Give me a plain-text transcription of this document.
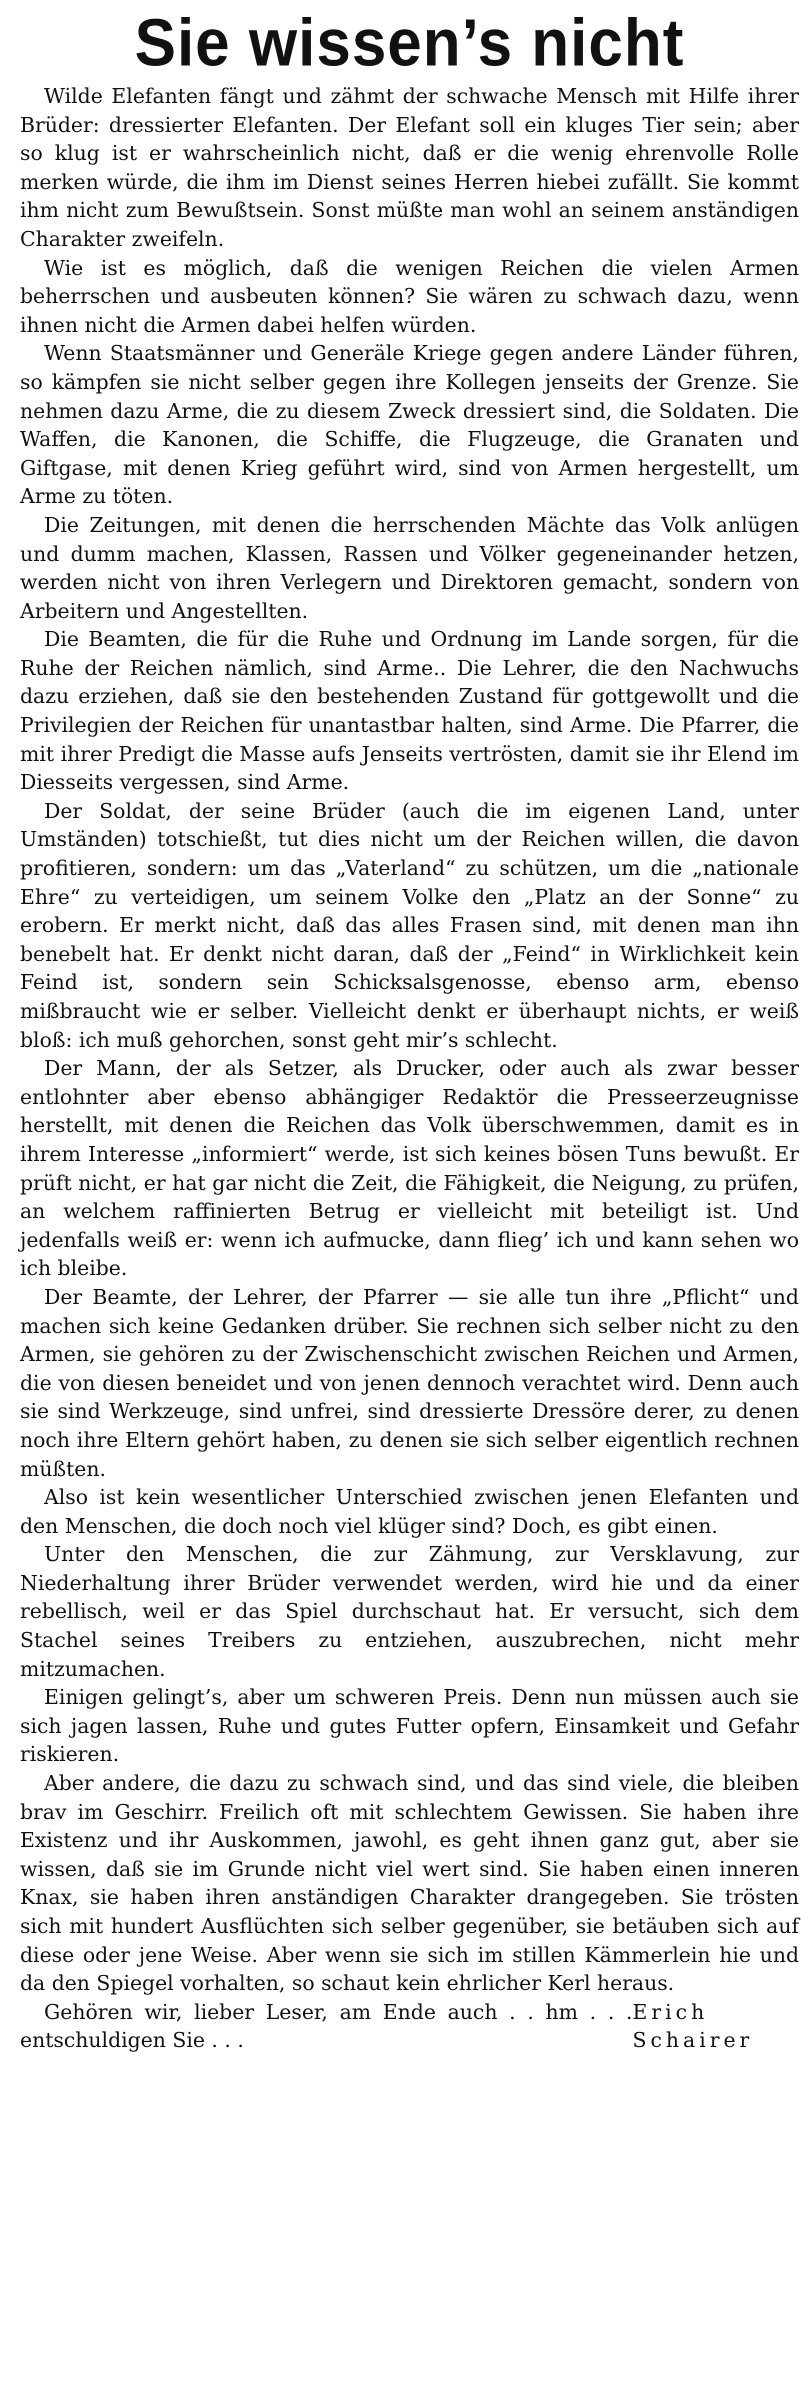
Sie wissen’s nicht

Wilde Elefanten fängt und zähmt der schwache Mensch mit Hilfe ihrer Brüder: dressierter Elefanten. Der Elefant soll ein kluges Tier sein; aber so klug ist er wahrscheinlich nicht, daß er die wenig ehrenvolle Rolle merken würde, die ihm im Dienst seines Herren hiebei zufällt. Sie kommt ihm nicht zum Bewußtsein. Sonst müßte man wohl an seinem anständigen Charakter zweifeln.

Wie ist es möglich, daß die wenigen Reichen die vielen Armen beherrschen und ausbeuten können? Sie wären zu schwach dazu, wenn ihnen nicht die Armen dabei helfen würden.

Wenn Staatsmänner und Generäle Kriege gegen andere Länder führen, so kämpfen sie nicht selber gegen ihre Kollegen jenseits der Grenze. Sie nehmen dazu Arme, die zu diesem Zweck dressiert sind, die Soldaten. Die Waffen, die Kanonen, die Schiffe, die Flugzeuge, die Granaten und Giftgase, mit denen Krieg geführt wird, sind von Armen hergestellt, um Arme zu töten.

Die Zeitungen, mit denen die herrschenden Mächte das Volk anlügen und dumm machen, Klassen, Rassen und Völker gegeneinander hetzen, werden nicht von ihren Verlegern und Direktoren gemacht, sondern von Arbeitern und Angestellten.

Die Beamten, die für die Ruhe und Ordnung im Lande sorgen, für die Ruhe der Reichen nämlich, sind Arme.. Die Lehrer, die den Nachwuchs dazu erziehen, daß sie den bestehenden Zustand für gottgewollt und die Privilegien der Reichen für unantastbar halten, sind Arme. Die Pfarrer, die mit ihrer Predigt die Masse aufs Jenseits vertrösten, damit sie ihr Elend im Diesseits vergessen, sind Arme.

Der Soldat, der seine Brüder (auch die im eigenen Land, unter Umständen) totschießt, tut dies nicht um der Reichen willen, die davon profitieren, sondern: um das „Vaterland“ zu schützen, um die „nationale Ehre“ zu verteidigen, um seinem Volke den „Platz an der Sonne“ zu erobern. Er merkt nicht, daß das alles Frasen sind, mit denen man ihn benebelt hat. Er denkt nicht daran, daß der „Feind“ in Wirklichkeit kein Feind ist, sondern sein Schicksalsgenosse, ebenso arm, ebenso mißbraucht wie er selber. Vielleicht denkt er überhaupt nichts, er weiß bloß: ich muß gehorchen, sonst geht mir’s schlecht.

Der Mann, der als Setzer, als Drucker, oder auch als zwar besser entlohnter aber ebenso abhängiger Redaktör die Presseerzeugnisse herstellt, mit denen die Reichen das Volk überschwemmen, damit es in ihrem Interesse „informiert“ werde, ist sich keines bösen Tuns bewußt. Er prüft nicht, er hat gar nicht die Zeit, die Fähigkeit, die Neigung, zu prüfen, an welchem raffinierten Betrug er vielleicht mit beteiligt ist. Und jedenfalls weiß er: wenn ich aufmucke, dann flieg’ ich und kann sehen wo ich bleibe.

Der Beamte, der Lehrer, der Pfarrer — sie alle tun ihre „Pflicht“ und machen sich keine Gedanken drüber. Sie rechnen sich selber nicht zu den Armen, sie gehören zu der Zwischenschicht zwischen Reichen und Armen, die von diesen beneidet und von jenen dennoch verachtet wird. Denn auch sie sind Werkzeuge, sind unfrei, sind dressierte Dressöre derer, zu denen noch ihre Eltern gehört haben, zu denen sie sich selber eigentlich rechnen müßten.

Also ist kein wesentlicher Unterschied zwischen jenen Elefanten und den Menschen, die doch noch viel klüger sind? Doch, es gibt einen.

Unter den Menschen, die zur Zähmung, zur Versklavung, zur Niederhaltung ihrer Brüder verwendet werden, wird hie und da einer rebellisch, weil er das Spiel durchschaut hat. Er versucht, sich dem Stachel seines Treibers zu entziehen, auszubrechen, nicht mehr mitzumachen.

Einigen gelingt’s, aber um schweren Preis. Denn nun müssen auch sie sich jagen lassen, Ruhe und gutes Futter opfern, Einsamkeit und Gefahr riskieren.

Aber andere, die dazu zu schwach sind, und das sind viele, die bleiben brav im Geschirr. Freilich oft mit schlechtem Gewissen. Sie haben ihre Existenz und ihr Auskommen, jawohl, es geht ihnen ganz gut, aber sie wissen, daß sie im Grunde nicht viel wert sind. Sie haben einen inneren Knax, sie haben ihren anständigen Charakter drangegeben. Sie trösten sich mit hundert Ausflüchten sich selber gegenüber, sie betäuben sich auf diese oder jene Weise. Aber wenn sie sich im stillen Kämmerlein hie und da den Spiegel vorhalten, so schaut kein ehrlicher Kerl heraus.

Gehören wir, lieber Leser, am Ende auch . . hm . . . entschuldigen Sie . . .
Erich Schairer
